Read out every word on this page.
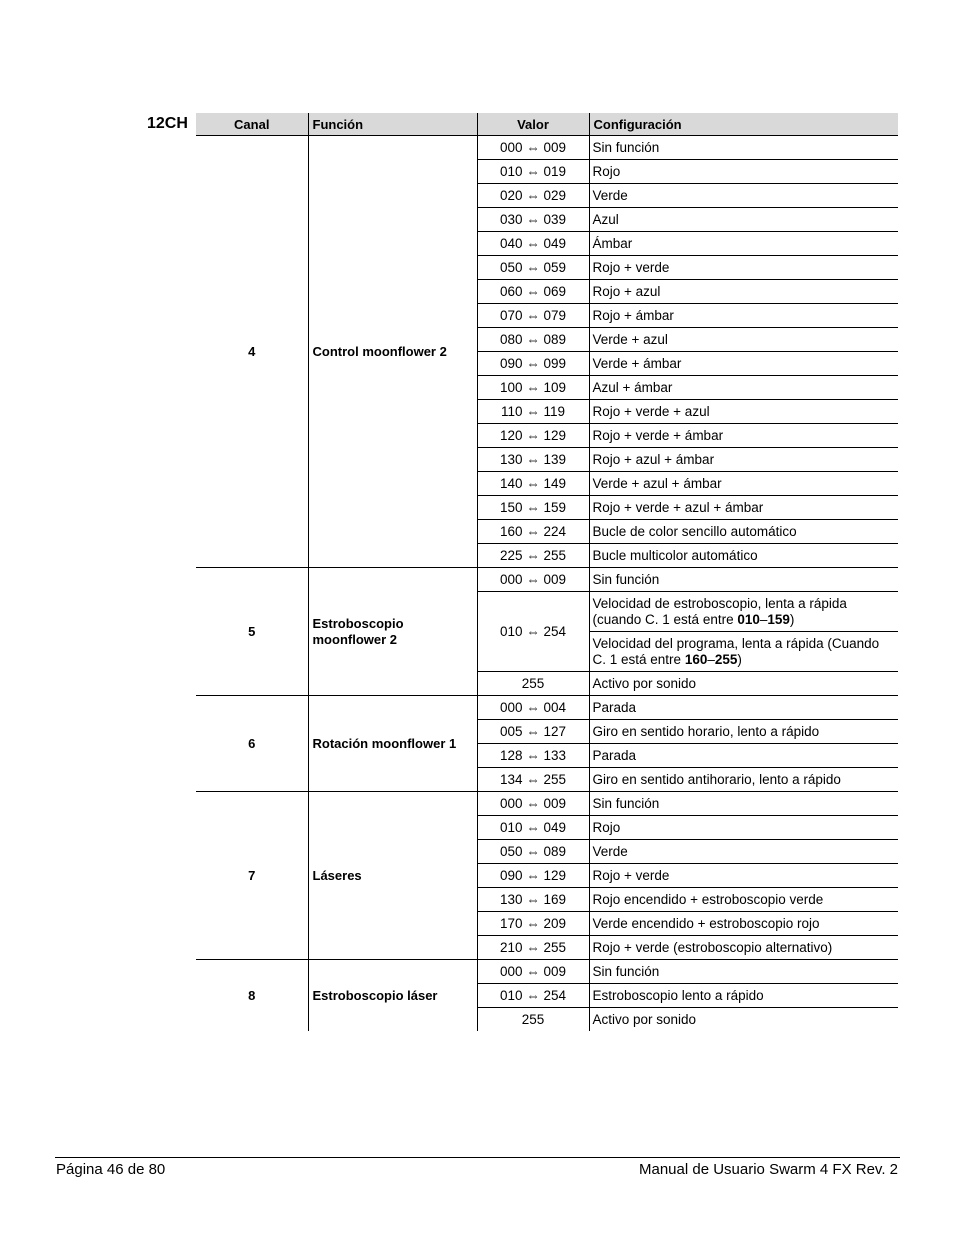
12CH	Canal	Función	Valor	Configuración
4	Control moonflower 2	000 ⇔ 009	Sin función
		010 ⇔ 019	Rojo
		020 ⇔ 029	Verde
		030 ⇔ 039	Azul
		040 ⇔ 049	Ámbar
		050 ⇔ 059	Rojo + verde
		060 ⇔ 069	Rojo + azul
		070 ⇔ 079	Rojo + ámbar
		080 ⇔ 089	Verde + azul
		090 ⇔ 099	Verde + ámbar
		100 ⇔ 109	Azul + ámbar
		110 ⇔ 119	Rojo + verde + azul
		120 ⇔ 129	Rojo + verde + ámbar
		130 ⇔ 139	Rojo + azul + ámbar
		140 ⇔ 149	Verde + azul + ámbar
		150 ⇔ 159	Rojo + verde + azul + ámbar
		160 ⇔ 224	Bucle de color sencillo automático
		225 ⇔ 255	Bucle multicolor automático
5	Estroboscopio moonflower 2	000 ⇔ 009	Sin función
		010 ⇔ 254	Velocidad de estroboscopio, lenta a rápida (cuando C. 1 está entre 010–159)
			Velocidad del programa, lenta a rápida (Cuando C. 1 está entre 160–255)
		255	Activo por sonido
6	Rotación moonflower 1	000 ⇔ 004	Parada
		005 ⇔ 127	Giro en sentido horario, lento a rápido
		128 ⇔ 133	Parada
		134 ⇔ 255	Giro en sentido antihorario, lento a rápido
7	Láseres	000 ⇔ 009	Sin función
		010 ⇔ 049	Rojo
		050 ⇔ 089	Verde
		090 ⇔ 129	Rojo + verde
		130 ⇔ 169	Rojo encendido + estroboscopio verde
		170 ⇔ 209	Verde encendido + estroboscopio rojo
		210 ⇔ 255	Rojo + verde (estroboscopio alternativo)
8	Estroboscopio láser	000 ⇔ 009	Sin función
		010 ⇔ 254	Estroboscopio lento a rápido
		255	Activo por sonido
Página 46 de 80	Manual de Usuario Swarm 4 FX Rev. 2
